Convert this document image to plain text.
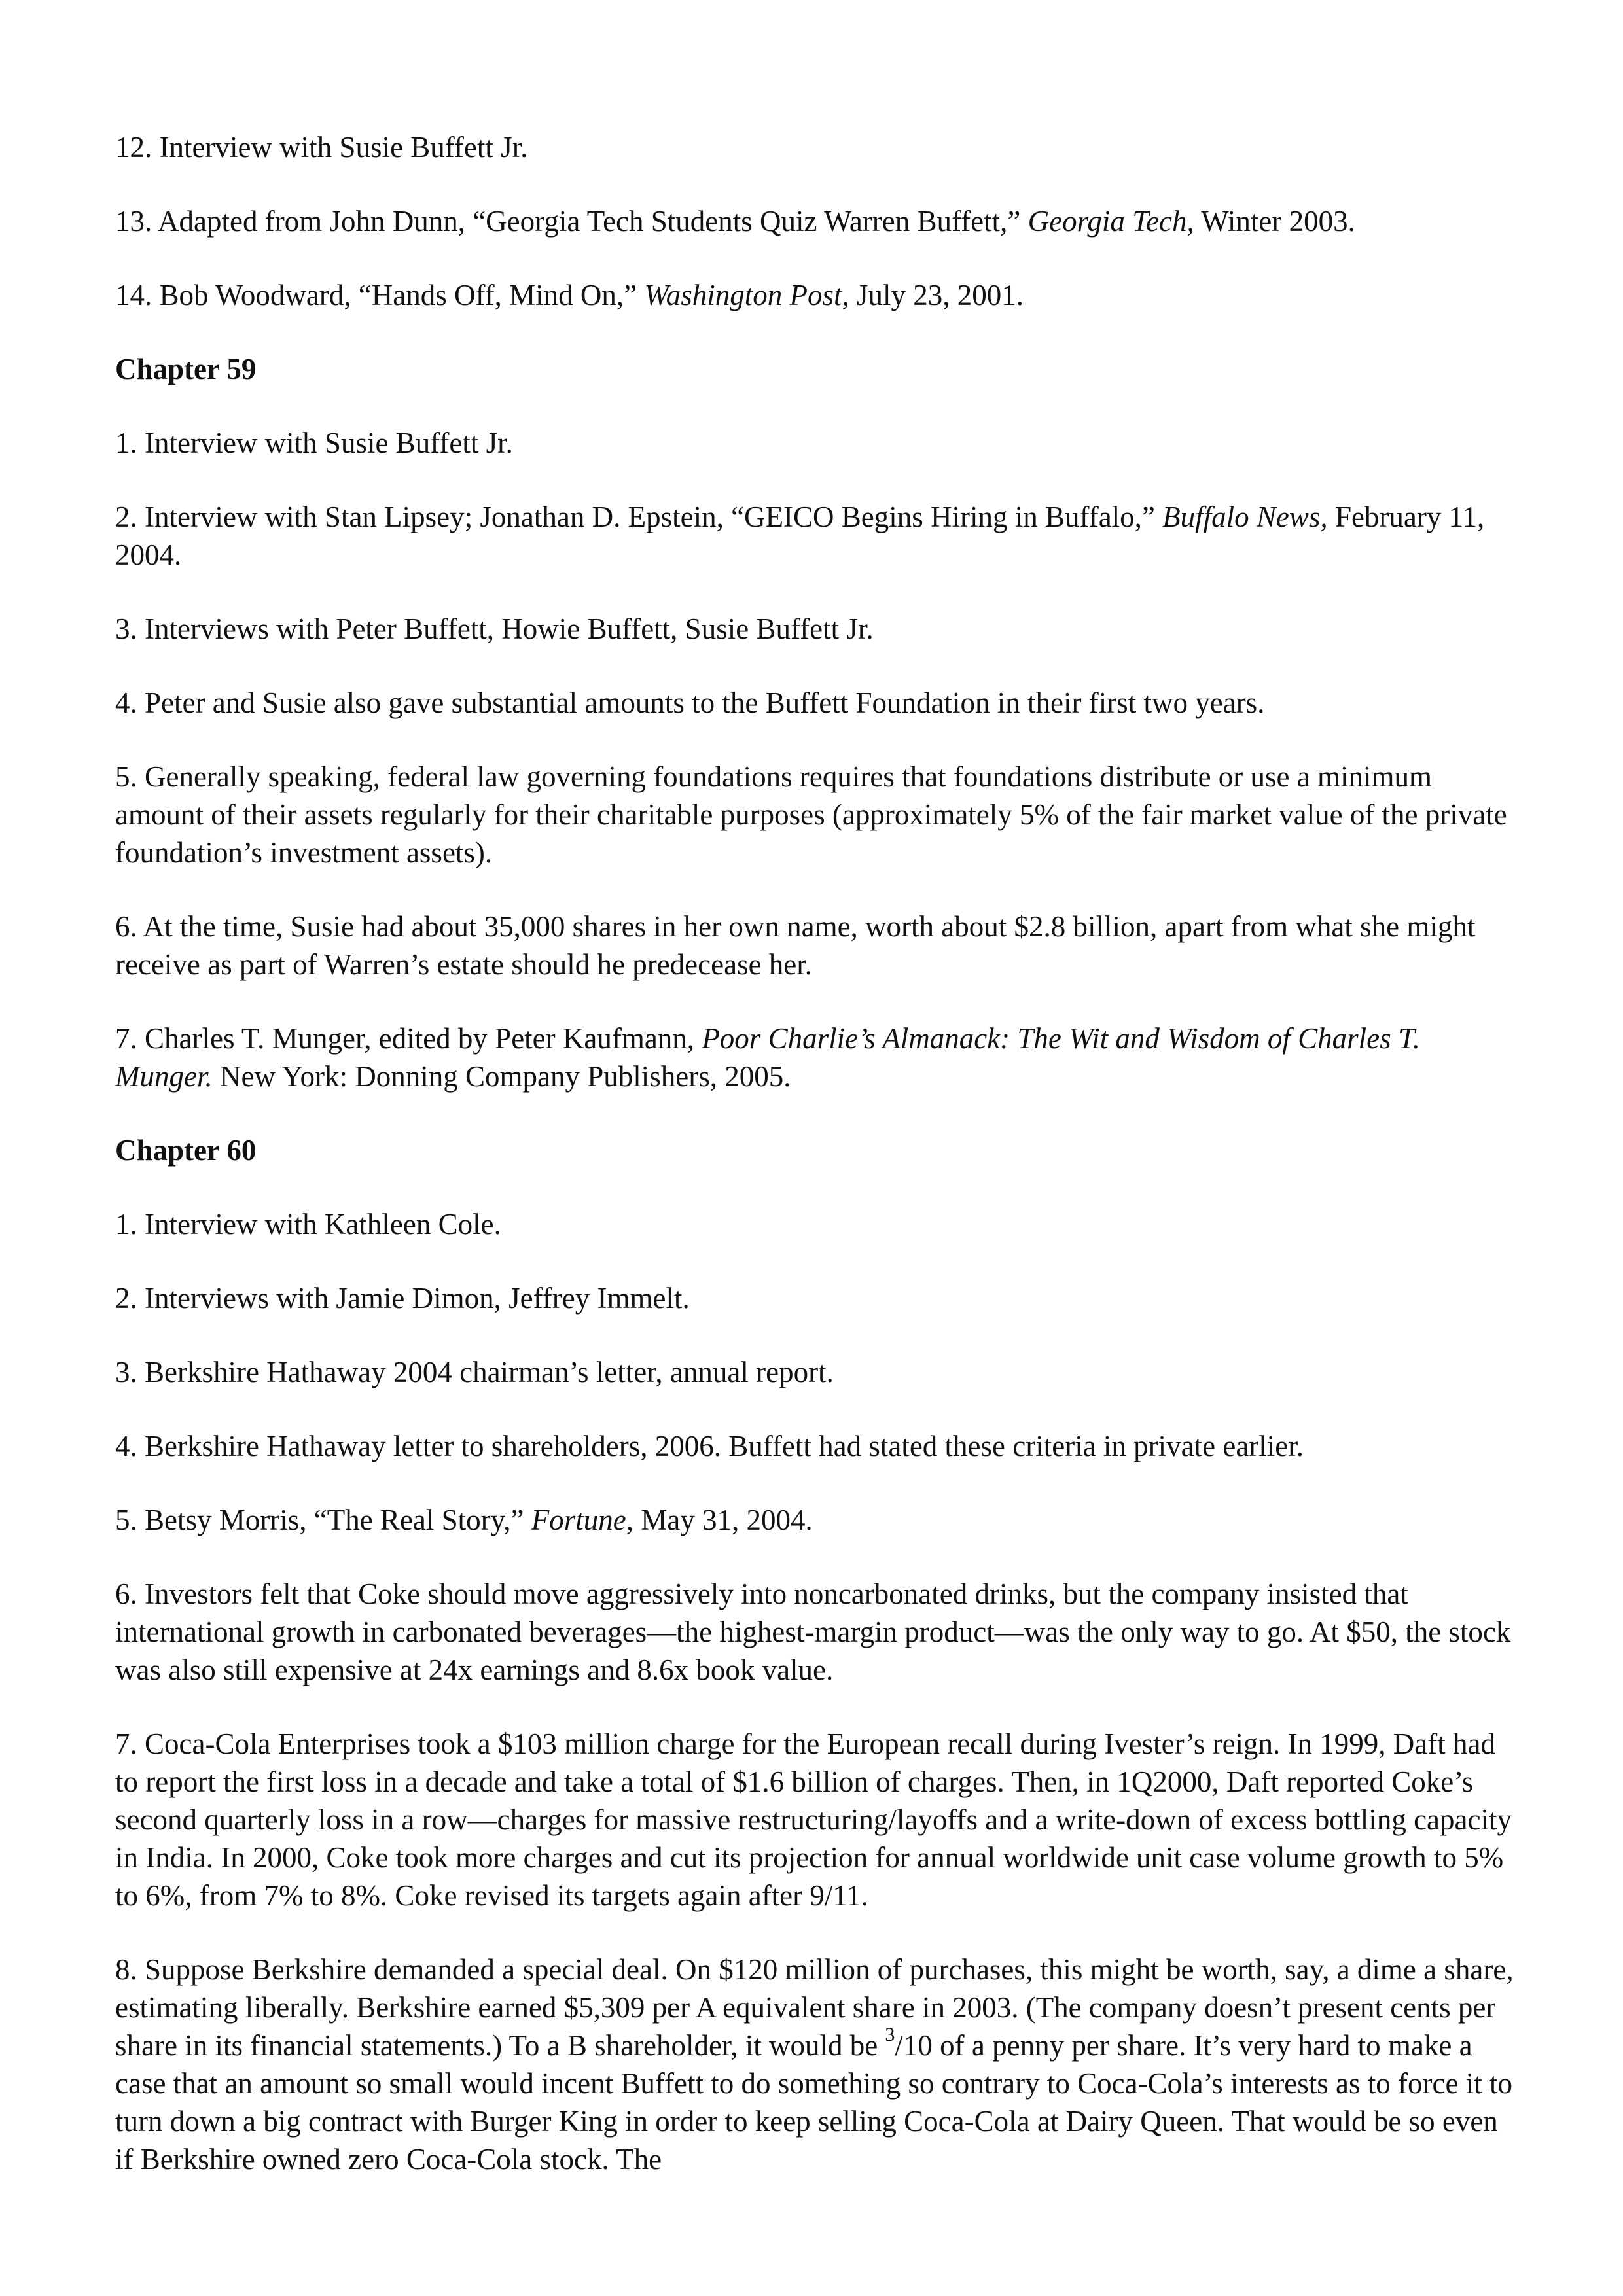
12. Interview with Susie Buffett Jr.

13. Adapted from John Dunn, “Georgia Tech Students Quiz Warren Buffett,” Georgia Tech, Winter 2003.

14. Bob Woodward, “Hands Off, Mind On,” Washington Post, July 23, 2001.

Chapter 59

1. Interview with Susie Buffett Jr.

2. Interview with Stan Lipsey; Jonathan D. Epstein, “GEICO Begins Hiring in Buffalo,” Buffalo News, February 11, 2004.

3. Interviews with Peter Buffett, Howie Buffett, Susie Buffett Jr.

4. Peter and Susie also gave substantial amounts to the Buffett Foundation in their first two years.

5. Generally speaking, federal law governing foundations requires that foundations distribute or use a minimum amount of their assets regularly for their charitable purposes (approximately 5% of the fair market value of the private foundation’s investment assets).

6. At the time, Susie had about 35,000 shares in her own name, worth about $2.8 billion, apart from what she might receive as part of Warren’s estate should he predecease her.

7. Charles T. Munger, edited by Peter Kaufmann, Poor Charlie’s Almanack: The Wit and Wisdom of Charles T. Munger. New York: Donning Company Publishers, 2005.

Chapter 60

1. Interview with Kathleen Cole.

2. Interviews with Jamie Dimon, Jeffrey Immelt.

3. Berkshire Hathaway 2004 chairman’s letter, annual report.

4. Berkshire Hathaway letter to shareholders, 2006. Buffett had stated these criteria in private earlier.

5. Betsy Morris, “The Real Story,” Fortune, May 31, 2004.

6. Investors felt that Coke should move aggressively into noncarbonated drinks, but the company insisted that international growth in carbonated beverages—the highest-margin product—was the only way to go. At $50, the stock was also still expensive at 24x earnings and 8.6x book value.

7. Coca-Cola Enterprises took a $103 million charge for the European recall during Ivester’s reign. In 1999, Daft had to report the first loss in a decade and take a total of $1.6 billion of charges. Then, in 1Q2000, Daft reported Coke’s second quarterly loss in a row—charges for massive restructuring/layoffs and a write-down of excess bottling capacity in India. In 2000, Coke took more charges and cut its projection for annual worldwide unit case volume growth to 5% to 6%, from 7% to 8%. Coke revised its targets again after 9/11.

8. Suppose Berkshire demanded a special deal. On $120 million of purchases, this might be worth, say, a dime a share, estimating liberally. Berkshire earned $5,309 per A equivalent share in 2003. (The company doesn’t present cents per share in its financial statements.) To a B shareholder, it would be $^3$/10 of a penny per share. It’s very hard to make a case that an amount so small would incent Buffett to do something so contrary to Coca-Cola’s interests as to force it to turn down a big contract with Burger King in order to keep selling Coca-Cola at Dairy Queen. That would be so even if Berkshire owned zero Coca-Cola stock. The
